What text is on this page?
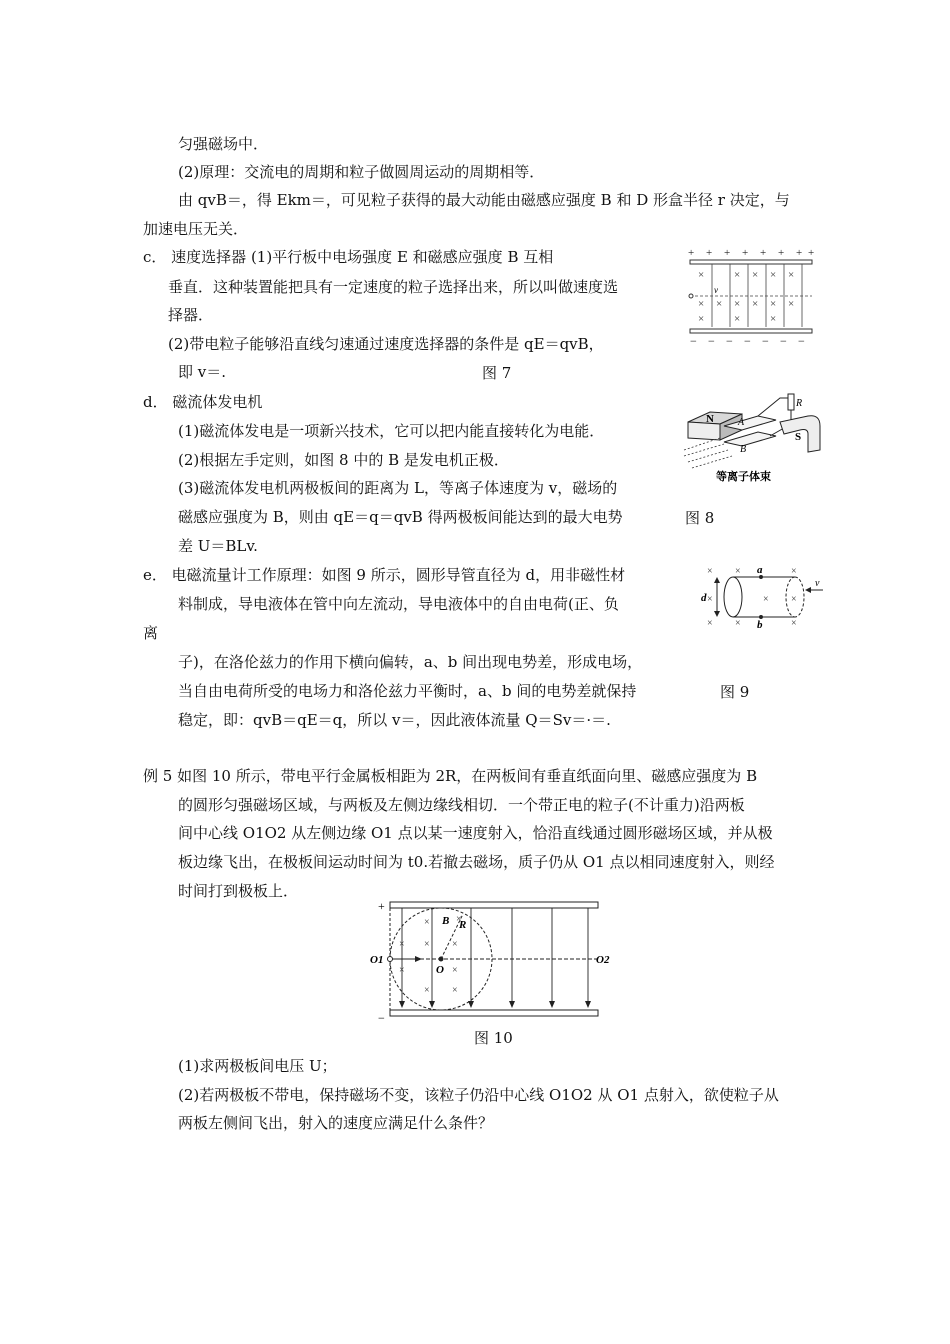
匀强磁场中．
(2)原理：交流电的周期和粒子做圆周运动的周期相等．
由 qvB＝，得 Ekm＝，可见粒子获得的最大动能由磁感应强度 B 和 D 形盒半径 r 决定，与
加速电压无关．
c． 速度选择器 (1)平行板中电场强度 E 和磁感应强度 B 互相
垂直．这种装置能把具有一定速度的粒子选择出来，所以叫做速度选
择器．
(2)带电粒子能够沿直线匀速通过速度选择器的条件是 qE＝qvB，
即 v＝.	图 7
+ + + + + + + +
v
×	× × × ×
× × × × × ×
×	×	×
− − − − − − −
d． 磁流体发电机
(1)磁流体发电是一项新兴技术，它可以把内能直接转化为电能．
(2)根据左手定则，如图 8 中的 B 是发电机正极．
(3)磁流体发电机两极板间的距离为 L，等离子体速度为 v，磁场的
磁感应强度为 B，则由 qE＝q＝qvB 得两极板间能达到的最大电势
差 U＝BLv.
图 8
N A
B
R
S
等离子体束
e． 电磁流量计工作原理：如图 9 所示，圆形导管直径为 d，用非磁性材
料制成，导电液体在管中向左流动，导电液体中的自由电荷(正、负
离
子)，在洛伦兹力的作用下横向偏转，a、b 间出现电势差，形成电场，
当自由电荷所受的电场力和洛伦兹力平衡时，a、b 间的电势差就保持
稳定，即：qvB＝qE＝q，所以 v＝，因此液体流量 Q＝Sv＝·＝.
图 9
× ×	×
×	× ×
× ×	×
a
b
d
v
例 5 如图 10 所示，带电平行金属板相距为 2R，在两板间有垂直纸面向里、磁感应强度为 B
的圆形匀强磁场区域，与两板及左侧边缘线相切．一个带正电的粒子(不计重力)沿两板
间中心线 O1O2 从左侧边缘 O1 点以某一速度射入，恰沿直线通过圆形磁场区域，并从极
板边缘飞出，在极板间运动时间为 t0.若撤去磁场，质子仍从 O1 点以相同速度射入，则经
时间打到极板上．
+
−
×
× × ×
×	×
× ×
×
B R
O
O1	O2
图 10
(1)求两极板间电压 U；
(2)若两极板不带电，保持磁场不变，该粒子仍沿中心线 O1O2 从 O1 点射入，欲使粒子从
两板左侧间飞出，射入的速度应满足什么条件？
